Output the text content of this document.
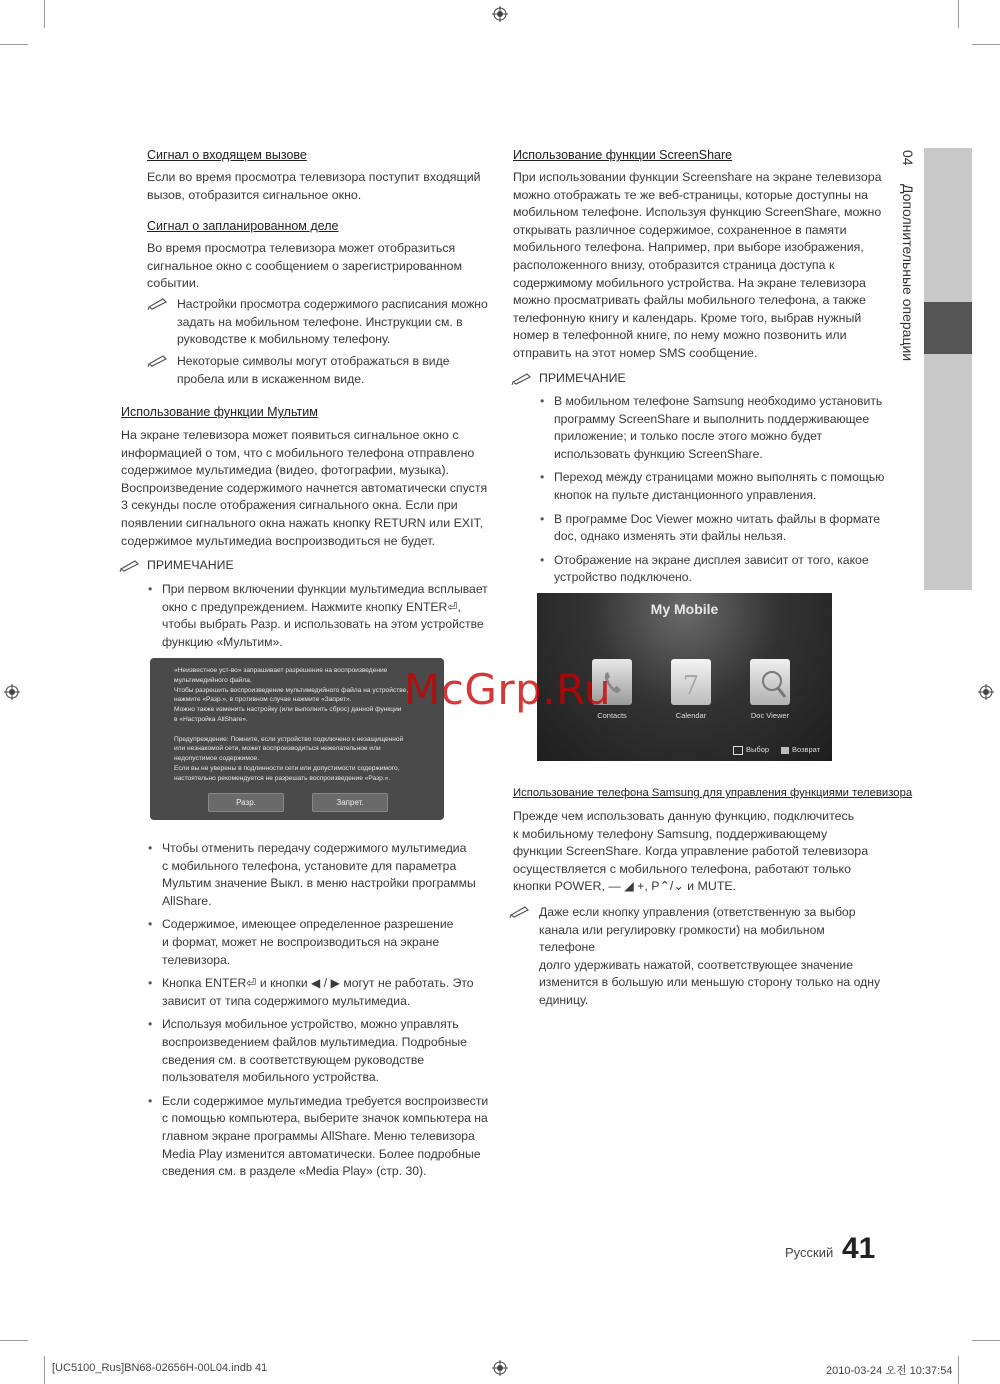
04
Дополнительные операции
Сигнал о входящем вызове
Если во время просмотра телевизора поступит входящий
вызов, отобразится сигнальное окно.
Сигнал о запланированном деле
Во время просмотра телевизора может отобразиться
сигнальное окно с сообщением о зарегистрированном
событии.
Настройки просмотра содержимого расписания можно
задать на мобильном телефоне. Инструкции см. в
руководстве к мобильному телефону.
Некоторые символы могут отображаться в виде
пробела или в искаженном виде.
Использование функции Мультим
На экране телевизора может появиться сигнальное окно с
информацией о том, что с мобильного телефона отправлено
содержимое мультимедиа (видео, фотографии, музыка).
Воспроизведение содержимого начнется автоматически спустя
3 секунды после отображения сигнального окна. Если при
появлении сигнального окна нажать кнопку RETURN или EXIT,
содержимое мультимедиа воспроизводиться не будет.
ПРИМЕЧАНИЕ
• При первом включении функции мультимедиа всплывает
окно с предупреждением. Нажмите кнопку ENTER⏎,
чтобы выбрать Разр. и использовать на этом устройстве
функцию «Мультим».
«Неизвестное уст-во» запрашивает разрешение на воспроизведение
мультимедийного файла.
Чтобы разрешить воспроизведение мультимедийного файла на устройстве,
нажмите «Разр.», в противном случае нажмите «Запрет».
Можно также изменить настройку (или выполнить сброс) данной функции
в «Настройка AllShare».
Предупреждение: Помните, если устройство подключено к незащищенной
или незнакомой сети, может воспроизводиться нежелательное или
недопустимое содержимое.
Если вы не уверены в подлинности сети или допустимости содержимого,
настоятельно рекомендуется не разрешать воспроизведение «Разр.».
Разр.	Запрет.
• Чтобы отменить передачу содержимого мультимедиа
с мобильного телефона, установите для параметра
Мультим значение Выкл. в меню настройки программы
AllShare.
• Содержимое, имеющее определенное разрешение
и формат, может не воспроизводиться на экране
телевизора.
• Кнопка ENTER⏎ и кнопки ◀ / ▶ могут не работать. Это
зависит от типа содержимого мультимедиа.
• Используя мобильное устройство, можно управлять
воспроизведением файлов мультимедиа. Подробные
сведения см. в соответствующем руководстве
пользователя мобильного устройства.
• Если содержимое мультимедиа требуется воспроизвести
с помощью компьютера, выберите значок компьютера на
главном экране программы AllShare. Меню телевизора
Media Play изменится автоматически. Более подробные
сведения см. в разделе «Media Play» (стр. 30).
Использование функции ScreenShare
При использовании функции Screenshare на экране телевизора
можно отображать те же веб-страницы, которые доступны на
мобильном телефоне. Используя функцию ScreenShare, можно
открывать различное содержимое, сохраненное в памяти
мобильного телефона. Например, при выборе изображения,
расположенного внизу, отобразится страница доступа к
содержимому мобильного устройства. На экране телевизора
можно просматривать файлы мобильного телефона, а также
телефонную книгу и календарь. Кроме того, выбрав нужный
номер в телефонной книге, по нему можно позвонить или
отправить на этот номер SMS сообщение.
ПРИМЕЧАНИЕ
• В мобильном телефоне Samsung необходимо установить
программу ScreenShare и выполнить поддерживающее
приложение; и только после этого можно будет
использовать функцию ScreenShare.
• Переход между страницами можно выполнять с помощью
кнопок на пульте дистанционного управления.
• В программе Doc Viewer можно читать файлы в формате
doc, однако изменять эти файлы нельзя.
• Отображение на экране дисплея зависит от того, какое
устройство подключено.
My Mobile
7
Contacts	Calendar	Doc Viewer
Выбор	Возврат
Использование телефона Samsung для управления функциями телевизора
Прежде чем использовать данную функцию, подключитесь
к мобильному телефону Samsung, поддерживающему
функции ScreenShare. Когда управление работой телевизора
осуществляется с мобильного телефона, работают только
кнопки POWER, — ◢ +, P⌃/⌄ и MUTE.
Даже если кнопку управления (ответственную за выбор
канала или регулировку громкости) на мобильном телефоне
долго удерживать нажатой, соответствующее значение
изменится в большую или меньшую сторону только на одну
единицу.
McGrp.Ru
Русский 41
[UC5100_Rus]BN68-02656H-00L04.indb 41	2010-03-24 오전 10:37:54
